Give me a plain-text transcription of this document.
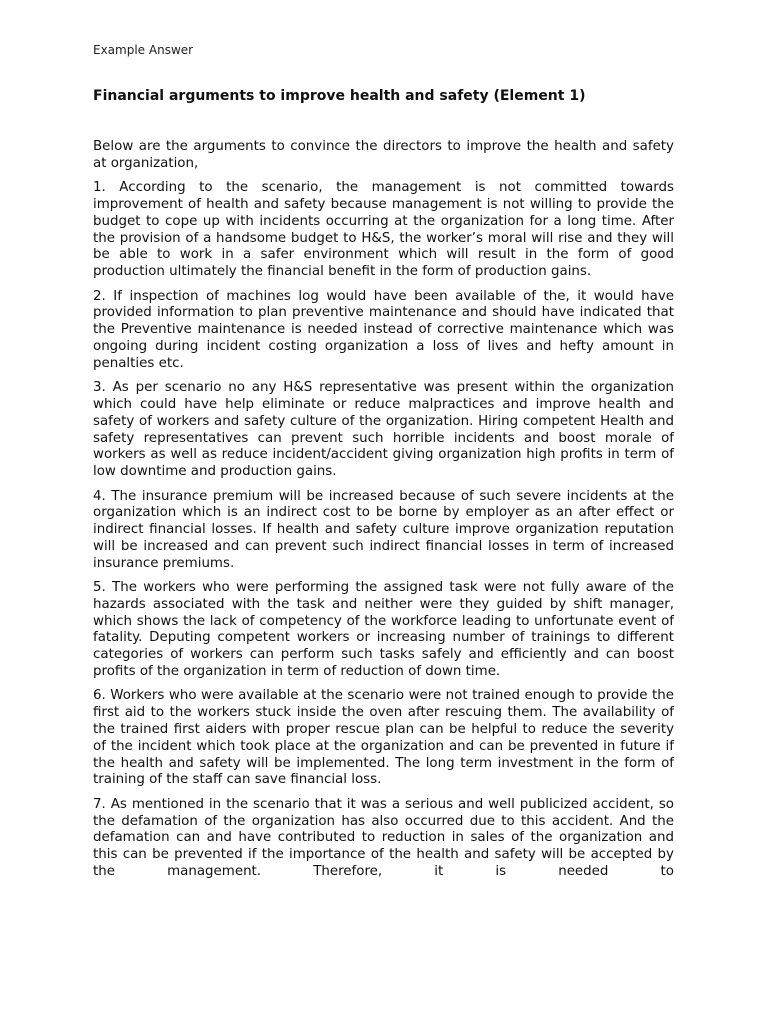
Example Answer
Financial arguments to improve health and safety (Element 1)

Below are the arguments to convince the directors to improve the health and safety at organization,

1. According to the scenario, the management is not committed towards improvement of health and safety because management is not willing to provide the budget to cope up with incidents occurring at the organization for a long time. After the provision of a handsome budget to H&S, the worker’s moral will rise and they will be able to work in a safer environment which will result in the form of good production ultimately the financial benefit in the form of production gains.

2. If inspection of machines log would have been available of the, it would have provided information to plan preventive maintenance and should have indicated that the Preventive maintenance is needed instead of corrective maintenance which was ongoing during incident costing organization a loss of lives and hefty amount in penalties etc.

3. As per scenario no any H&S representative was present within the organization which could have help eliminate or reduce malpractices and improve health and safety of workers and safety culture of the organization. Hiring competent Health and safety representatives can prevent such horrible incidents and boost morale of workers as well as reduce incident/accident giving organization high profits in term of low downtime and production gains.

4. The insurance premium will be increased because of such severe incidents at the organization which is an indirect cost to be borne by employer as an after effect or indirect financial losses. If health and safety culture improve organization reputation will be increased and can prevent such indirect financial losses in term of increased insurance premiums.

5. The workers who were performing the assigned task were not fully aware of the hazards associated with the task and neither were they guided by shift manager, which shows the lack of competency of the workforce leading to unfortunate event of fatality. Deputing competent workers or increasing number of trainings to different categories of workers can perform such tasks safely and efficiently and can boost profits of the organization in term of reduction of down time.

6. Workers who were available at the scenario were not trained enough to provide the first aid to the workers stuck inside the oven after rescuing them. The availability of the trained first aiders with proper rescue plan can be helpful to reduce the severity of the incident which took place at the organization and can be prevented in future if the health and safety will be implemented. The long term investment in the form of training of the staff can save financial loss.

7. As mentioned in the scenario that it was a serious and well publicized accident, so the defamation of the organization has also occurred due to this accident. And the defamation can and have contributed to reduction in sales of the organization and this can be prevented if the importance of the health and safety will be accepted by the management. Therefore, it is needed to
